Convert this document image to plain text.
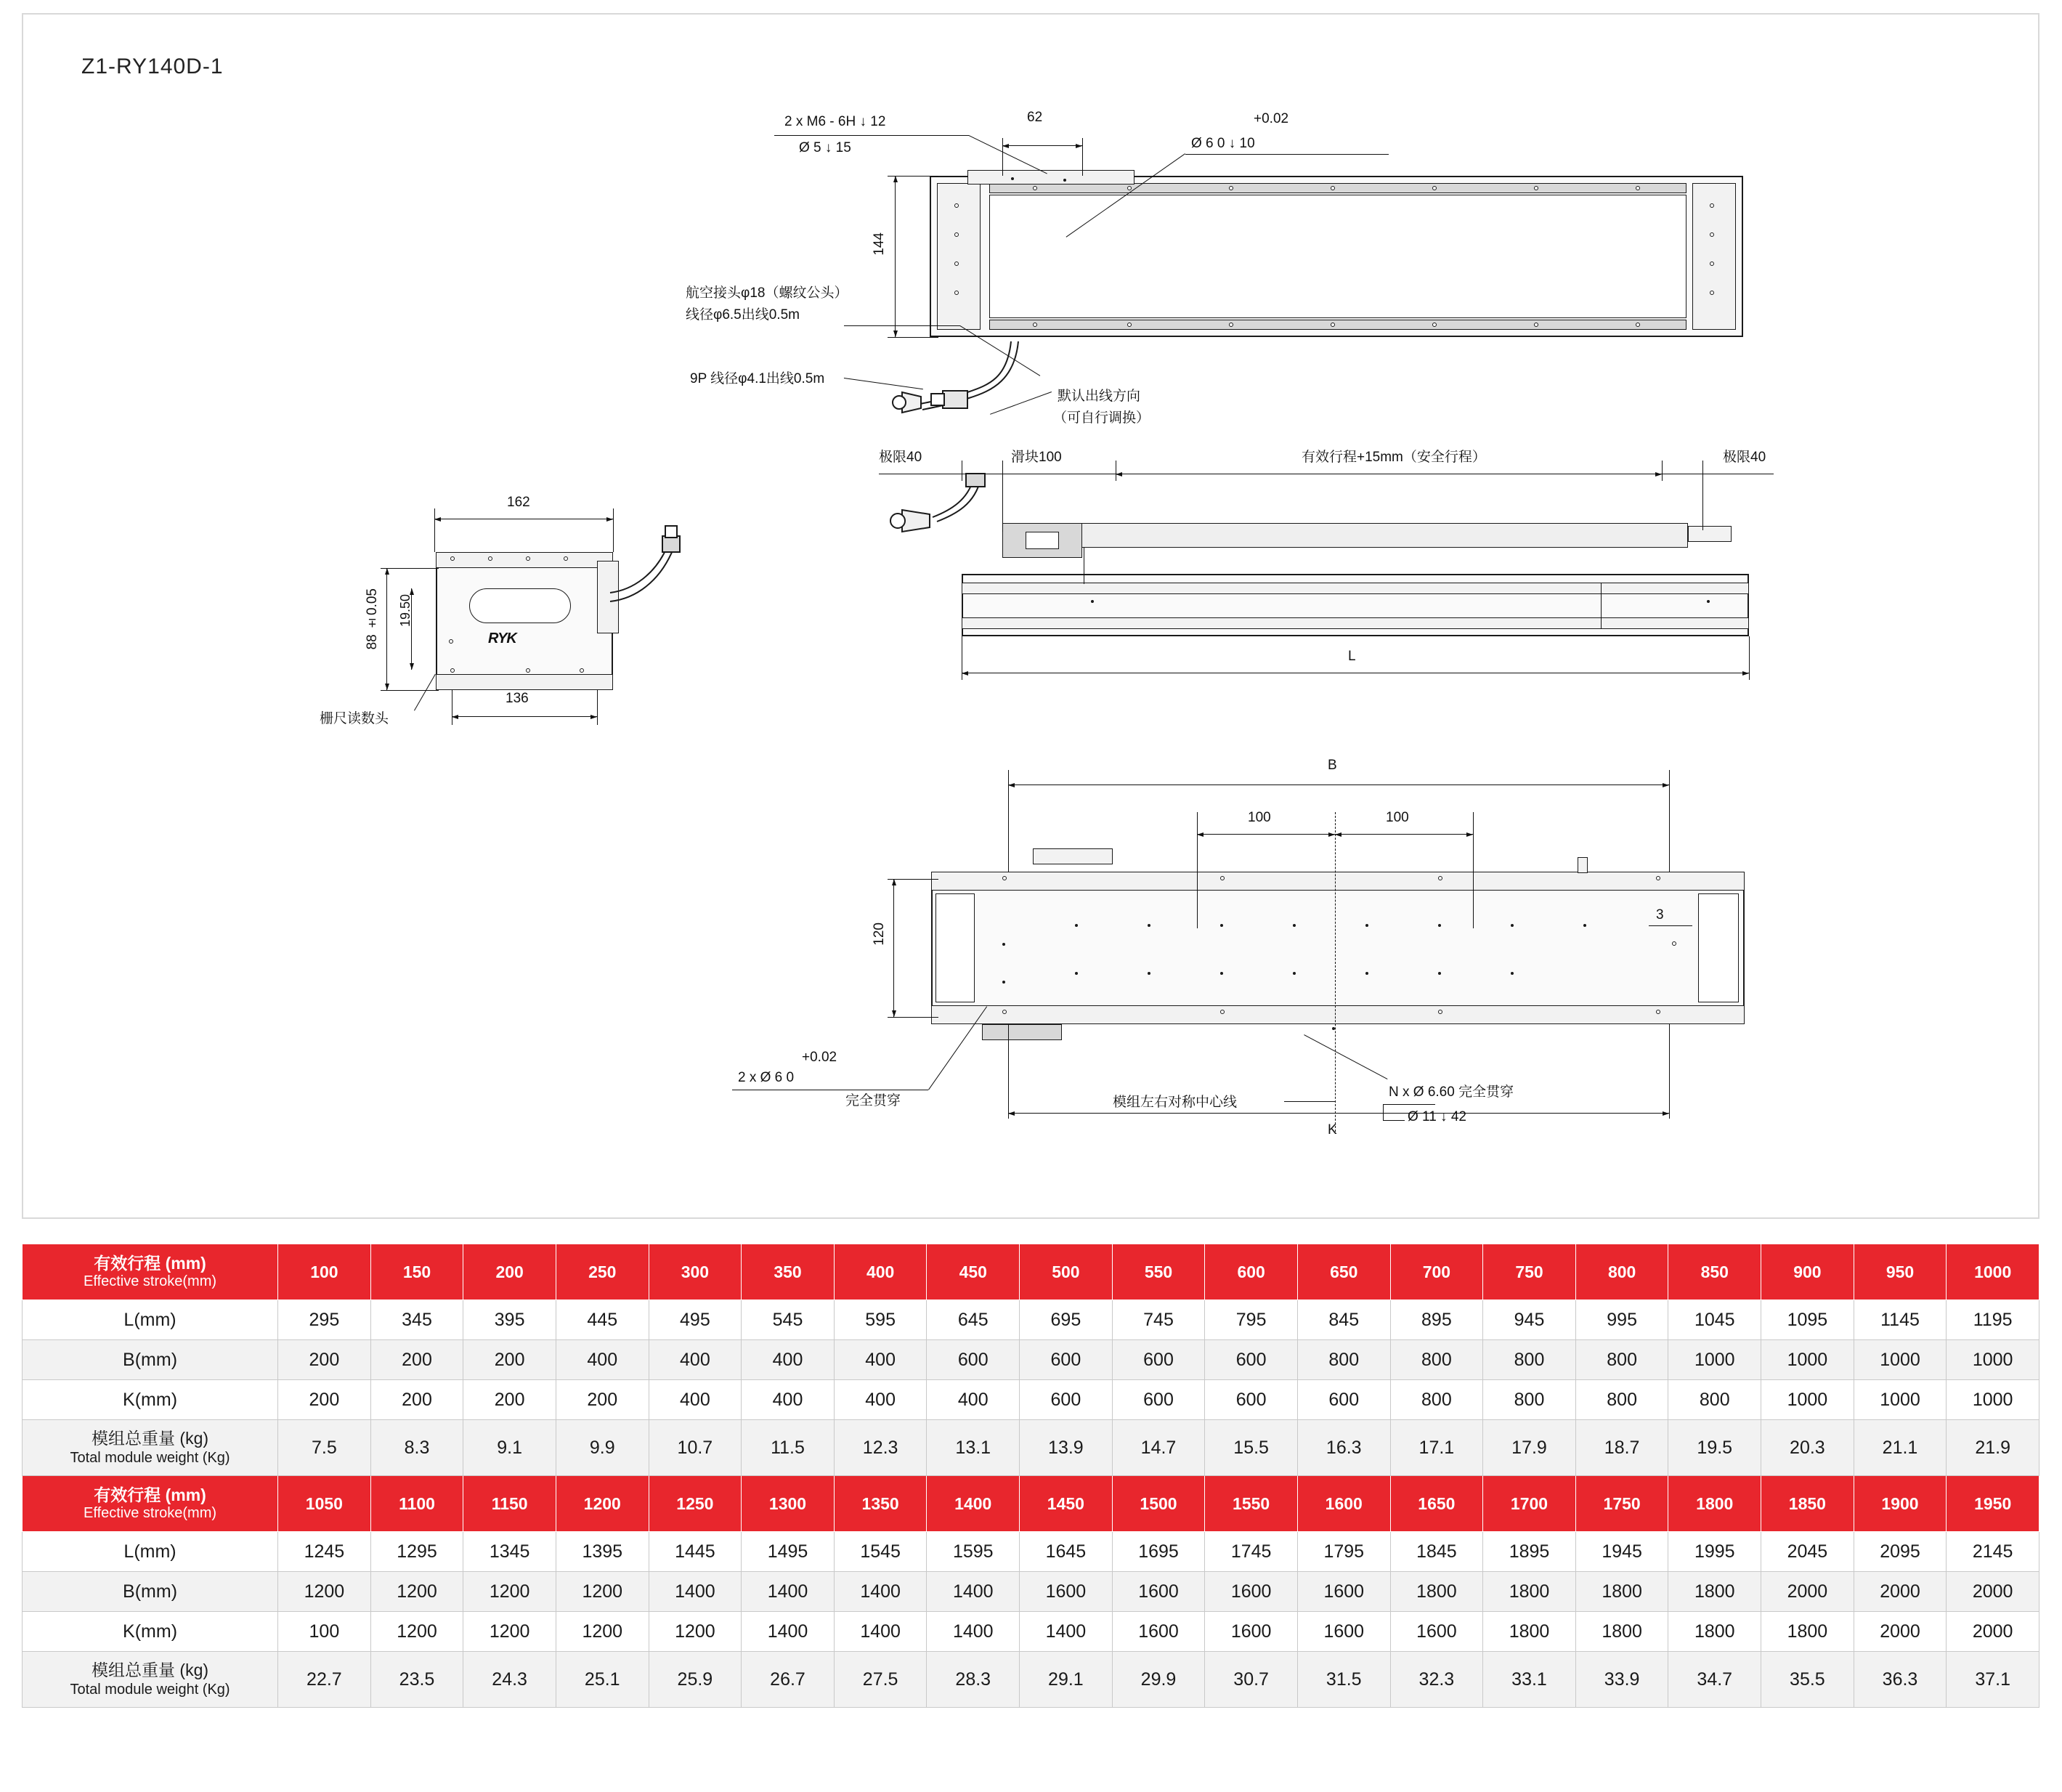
Z1-RY140D-1
144
2 x M6 - 6H ↓ 12
Ø 5 ↓ 15
62	+0.02
Ø 6 0 ↓ 10
航空接头φ18（螺纹公头）
线径φ6.5出线0.5m
9P 线径φ4.1出线0.5m
默认出线方向
（可自行调换）
极限40	滑块100	有效行程+15mm（安全行程）	极限40
L
RYK
162
136
88 ±0.05 19.50
栅尺读数头
B
100	100
120
3
K
+0.02
2 x Ø 6 0
完全贯穿	模组左右对称中心线
N x Ø 6.60 完全贯穿
Ø 11 ↓ 42
有效行程 (mm)
Effective stroke(mm)	100	150	200	250	300	350	400	450	500	550	600	650	700	750	800	850	900	950	1000
L(mm)	295	345	395	445	495	545	595	645	695	745	795	845	895	945	995	1045	1095	1145	1195
B(mm)	200	200	200	400	400	400	400	600	600	600	600	800	800	800	800	1000	1000	1000	1000
K(mm)	200	200	200	200	400	400	400	400	600	600	600	600	800	800	800	800	1000	1000	1000
模组总重量 (kg)
Total module weight (Kg)	7.5	8.3	9.1	9.9	10.7	11.5	12.3	13.1	13.9	14.7	15.5	16.3	17.1	17.9	18.7	19.5	20.3	21.1	21.9
有效行程 (mm)
Effective stroke(mm)	1050	1100	1150	1200	1250	1300	1350	1400	1450	1500	1550	1600	1650	1700	1750	1800	1850	1900	1950
L(mm)	1245	1295	1345	1395	1445	1495	1545	1595	1645	1695	1745	1795	1845	1895	1945	1995	2045	2095	2145
B(mm)	1200	1200	1200	1200	1400	1400	1400	1400	1600	1600	1600	1600	1800	1800	1800	1800	2000	2000	2000
K(mm)	100	1200	1200	1200	1200	1400	1400	1400	1400	1600	1600	1600	1600	1800	1800	1800	1800	2000	2000
模组总重量 (kg)
Total module weight (Kg)	22.7	23.5	24.3	25.1	25.9	26.7	27.5	28.3	29.1	29.9	30.7	31.5	32.3	33.1	33.9	34.7	35.5	36.3	37.1
